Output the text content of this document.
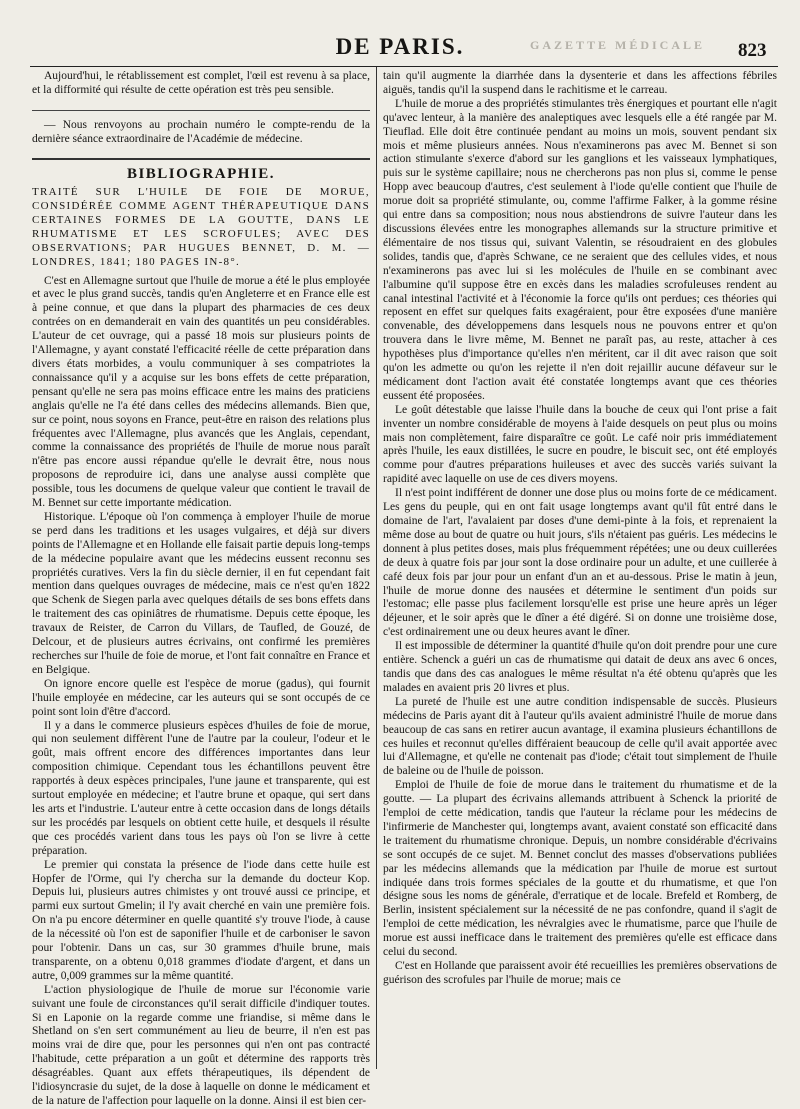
GAZETTE MÉDICALE
DE PARIS.	823

Aujourd'hui, le rétablissement est complet, l'œil est revenu à sa place, et la difformité qui résulte de cette opération est très peu sensible.

— Nous renvoyons au prochain numéro le compte-rendu de la dernière séance extraordinaire de l'Académie de médecine.

BIBLIOGRAPHIE.

TRAITÉ SUR L'HUILE DE FOIE DE MORUE, CONSIDÉRÉE COMME AGENT THÉRAPEUTIQUE DANS CERTAINES FORMES DE LA GOUTTE, DANS LE RHUMATISME ET LES SCROFULES; AVEC DES OBSERVATIONS; PAR HUGUES BENNET, D. M. — LONDRES, 1841; 180 PAGES IN-8°.

C'est en Allemagne surtout que l'huile de morue a été le plus employée et avec le plus grand succès, tandis qu'en Angleterre et en France elle est à peine connue, et que dans la plupart des pharmacies de ces deux contrées on en demanderait en vain des quantités un peu considérables. L'auteur de cet ouvrage, qui a passé 18 mois sur plusieurs points de l'Allemagne, y ayant constaté l'efficacité réelle de cette préparation dans divers états morbides, a voulu communiquer à ses compatriotes la connaissance qu'il y a acquise sur les bons effets de cette préparation, pensant qu'elle ne sera pas moins efficace entre les mains des praticiens anglais qu'elle ne l'a été dans celles des médecins allemands. Bien que, sur ce point, nous soyons en France, peut-être en raison des relations plus fréquentes avec l'Allemagne, plus avancés que les Anglais, cependant, comme la connaissance des propriétés de l'huile de morue nous paraît n'être pas encore aussi répandue qu'elle le devrait être, nous nous proposons de reproduire ici, dans une analyse aussi complète que possible, tous les documens de quelque valeur que contient le travail de M. Bennet sur cette importante médication.

Historique. L'époque où l'on commença à employer l'huile de morue se perd dans les traditions et les usages vulgaires, et déjà sur divers points de l'Allemagne et en Hollande elle faisait partie depuis long-temps de la médecine populaire avant que les médecins eussent reconnu ses propriétés curatives. Vers la fin du siècle dernier, il en fut cependant fait mention dans quelques ouvrages de médecine, mais ce n'est qu'en 1822 que Schenk de Siegen parla avec quelques détails de ses bons effets dans le traitement des cas opiniâtres de rhumatisme. Depuis cette époque, les travaux de Reister, de Carron du Villars, de Taufled, de Gouzé, de Delcour, et de plusieurs autres écrivains, ont confirmé les premières recherches sur l'huile de foie de morue, et l'ont fait connaître en France et en Belgique.

On ignore encore quelle est l'espèce de morue (gadus), qui fournit l'huile employée en médecine, car les auteurs qui se sont occupés de ce point sont loin d'être d'accord.

Il y a dans le commerce plusieurs espèces d'huiles de foie de morue, qui non seulement diffèrent l'une de l'autre par la couleur, l'odeur et le goût, mais offrent encore des différences importantes dans leur composition chimique. Cependant tous les échantillons peuvent être rapportés à deux espèces principales, l'une jaune et transparente, qui est surtout employée en médecine; et l'autre brune et opaque, qui sert dans les arts et l'industrie. L'auteur entre à cette occasion dans de longs détails sur les procédés par lesquels on obtient cette huile, et desquels il résulte que ces procédés varient dans tous les pays où l'on se livre à cette préparation.

Le premier qui constata la présence de l'iode dans cette huile est Hopfer de l'Orme, qui l'y chercha sur la demande du docteur Kop. Depuis lui, plusieurs autres chimistes y ont trouvé aussi ce principe, et parmi eux surtout Gmelin; il l'y avait cherché en vain une première fois. On n'a pu encore déterminer en quelle quantité s'y trouve l'iode, à cause de la nécessité où l'on est de saponifier l'huile et de carboniser le savon pour l'obtenir. Dans un cas, sur 30 grammes d'huile brune, mais transparente, on a obtenu 0,018 grammes d'iodate d'argent, et dans un autre, 0,009 grammes sur la même quantité.

L'action physiologique de l'huile de morue sur l'économie varie suivant une foule de circonstances qu'il serait difficile d'indiquer toutes. Si en Laponie on la regarde comme une friandise, si même dans le Shetland on s'en sert communément au lieu de beurre, il n'en est pas moins vrai de dire que, pour les personnes qui n'en ont pas contracté l'habitude, cette préparation a un goût et détermine des rapports très désagréables. Quant aux effets thérapeutiques, ils dépendent de l'idiosyncrasie du sujet, de la dose à laquelle on donne le médicament et de la nature de l'affection pour laquelle on la donne. Ainsi il est bien cer-

tain qu'il augmente la diarrhée dans la dysenterie et dans les affections fébriles aiguës, tandis qu'il la suspend dans le rachitisme et le carreau.

L'huile de morue a des propriétés stimulantes très énergiques et pourtant elle n'agit qu'avec lenteur, à la manière des analeptiques avec lesquels elle a été rangée par M. Tieuflad. Elle doit être continuée pendant au moins un mois, souvent pendant six mois et même plusieurs années. Nous n'examinerons pas avec M. Bennet si son action stimulante s'exerce d'abord sur les ganglions et les vaisseaux lymphatiques, puis sur le système capillaire; nous ne chercherons pas non plus si, comme le pense Hopp avec beaucoup d'autres, c'est seulement à l'iode qu'elle contient que l'huile de morue doit sa propriété stimulante, ou, comme l'affirme Falker, à la gomme résine qui entre dans sa composition; nous nous abstiendrons de suivre l'auteur dans les discussions élevées entre les monographes allemands sur la structure primitive et élémentaire de nos tissus qui, suivant Valentin, se résoudraient en des globules solides, tandis que, d'après Schwane, ce ne seraient que des cellules vides, et nous n'examinerons pas avec lui si les molécules de l'huile en se combinant avec l'albumine qu'il suppose être en excès dans les maladies scrofuleuses rendent au canal intestinal l'activité et à l'économie la force qu'ils ont perdues; ces théories qui reposent en effet sur quelques faits exagéraient, pour être exposées d'une manière convenable, des développemens dans lesquels nous ne pouvons entrer et qu'on trouvera dans le livre même, M. Bennet ne paraît pas, au reste, attacher à ces hypothèses plus d'importance qu'elles n'en méritent, car il dit avec raison que soit qu'on les admette ou qu'on les rejette il n'en doit rejaillir aucune défaveur sur le médicament dont l'action avait été constatée longtemps avant que ces théories eussent été proposées.

Le goût détestable que laisse l'huile dans la bouche de ceux qui l'ont prise a fait inventer un nombre considérable de moyens à l'aide desquels on peut plus ou moins mais non complètement, faire disparaître ce goût. Le café noir pris immédiatement après l'huile, les eaux distillées, le sucre en poudre, le biscuit sec, ont été employés comme pour d'autres préparations huileuses et avec des succès variés suivant la rapidité avec laquelle on use de ces divers moyens.

Il n'est point indifférent de donner une dose plus ou moins forte de ce médicament. Les gens du peuple, qui en ont fait usage longtemps avant qu'il fût entré dans le domaine de l'art, l'avalaient par doses d'une demi-pinte à la fois, et reprenaient la même dose au bout de quatre ou huit jours, s'ils n'étaient pas guéris. Les médecins le donnent à plus petites doses, mais plus fréquemment répétées; une ou deux cuillerées de deux à quatre fois par jour sont la dose ordinaire pour un adulte, et une cuillerée à café deux fois par jour pour un enfant d'un an et au-dessous. Prise le matin à jeun, l'huile de morue donne des nausées et détermine le sentiment d'un poids sur l'estomac; elle passe plus facilement lorsqu'elle est prise une heure après un léger déjeuner, et le soir après que le dîner a été digéré. Si on donne une troisième dose, c'est ordinairement une ou deux heures avant le dîner.

Il est impossible de déterminer la quantité d'huile qu'on doit prendre pour une cure entière. Schenck a guéri un cas de rhumatisme qui datait de deux ans avec 6 onces, tandis que dans des cas analogues le même résultat n'a été obtenu qu'après que les malades en avaient pris 20 livres et plus.

La pureté de l'huile est une autre condition indispensable de succès. Plusieurs médecins de Paris ayant dit à l'auteur qu'ils avaient administré l'huile de morue dans beaucoup de cas sans en retirer aucun avantage, il examina plusieurs échantillons de ces huiles et reconnut qu'elles différaient beaucoup de celle qu'il avait apportée avec lui d'Allemagne, et qu'elle ne contenait pas d'iode; c'était tout simplement de l'huile de baleine ou de l'huile de poisson.

Emploi de l'huile de foie de morue dans le traitement du rhumatisme et de la goutte. — La plupart des écrivains allemands attribuent à Schenck la priorité de l'emploi de cette médication, tandis que l'auteur la réclame pour les médecins de l'infirmerie de Manchester qui, longtemps avant, avaient constaté son efficacité dans le traitement du rhumatisme chronique. Depuis, un nombre considérable d'écrivains se sont occupés de ce sujet. M. Bennet conclut des masses d'observations publiées par les médecins allemands que la médication par l'huile de morue est surtout indiquée dans trois formes spéciales de la goutte et du rhumatisme, et que l'on désigne sous les noms de générale, d'erratique et de locale. Brefeld et Romberg, de Berlin, insistent spécialement sur la nécessité de ne pas confondre, quand il s'agit de l'emploi de cette médication, les névralgies avec le rhumatisme, parce que l'huile de morue est aussi inefficace dans le traitement des premières qu'elle est efficace dans celui du second.

C'est en Hollande que paraissent avoir été recueillies les premières observations de guérison des scrofules par l'huile de morue; mais ce
